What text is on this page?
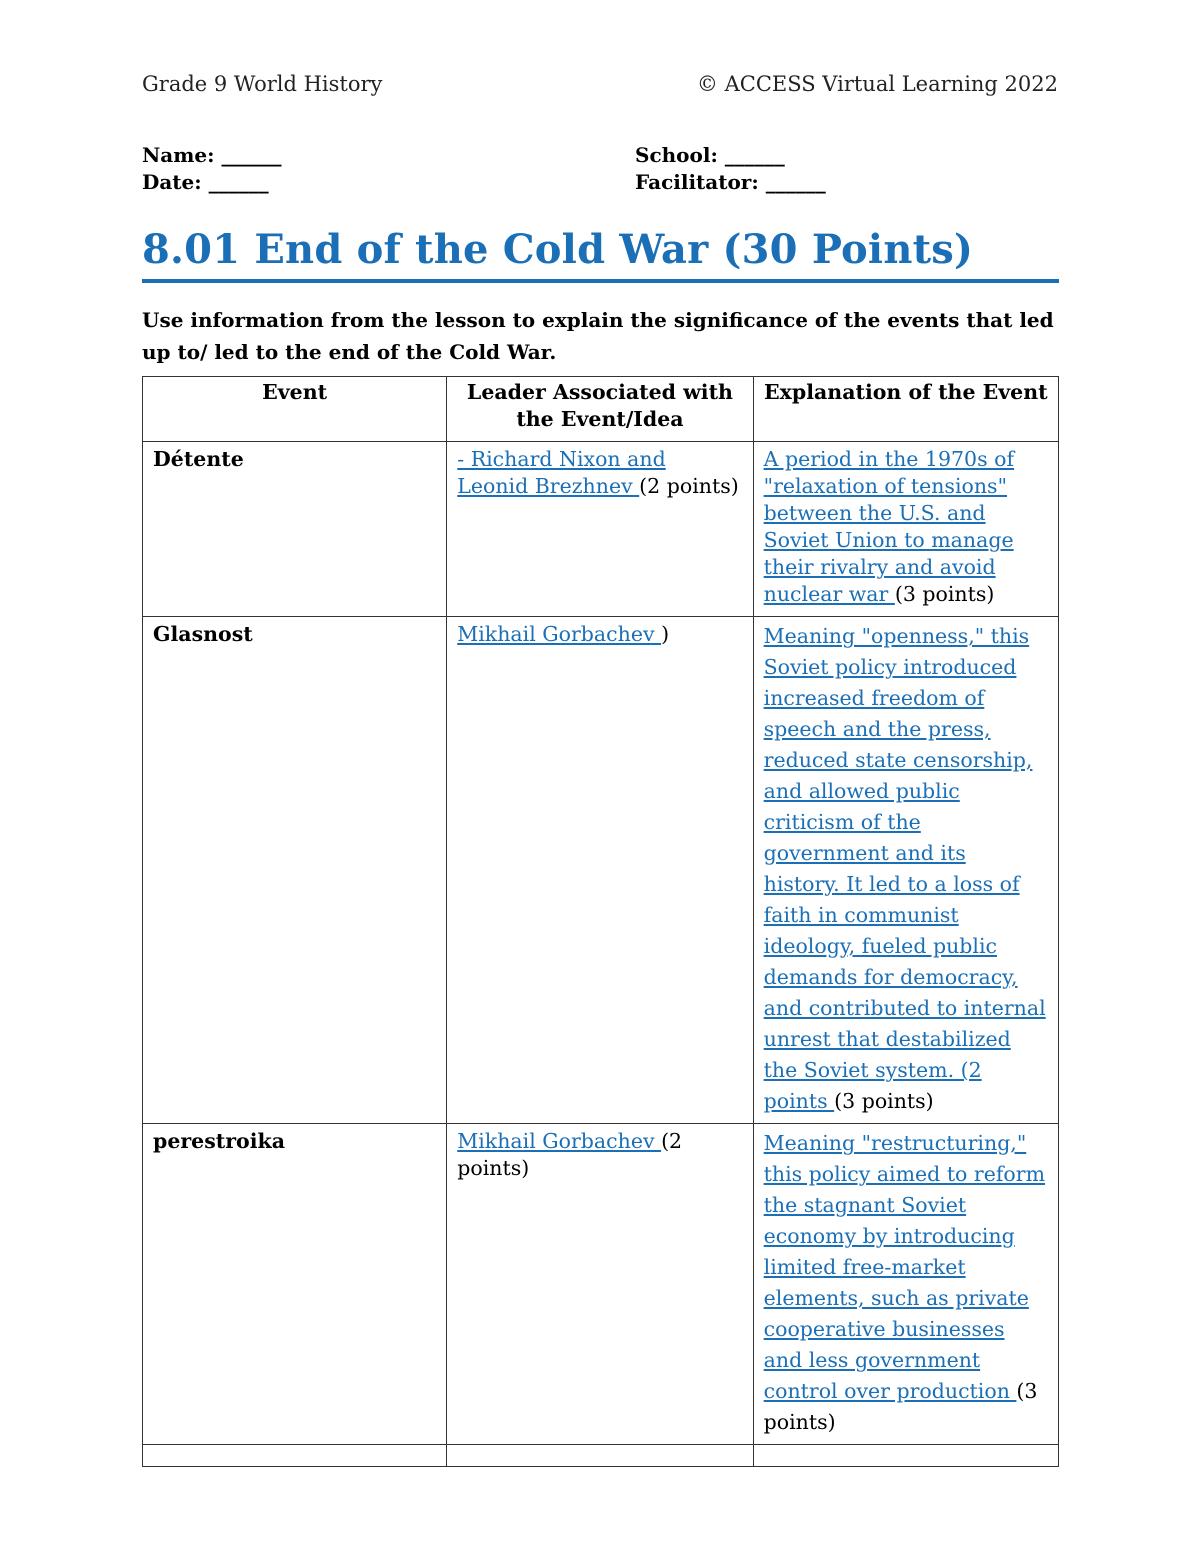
Grade 9 World History	© ACCESS Virtual Learning 2022
Name: ______
Date: ______
School: ______
Facilitator: ______
8.01 End of the Cold War (30 Points)
Use information from the lesson to explain the significance of the events that led up to/ led to the end of the Cold War.
Event	Leader Associated with the Event/Idea	Explanation of the Event
Détente	- Richard Nixon and Leonid Brezhnev (2 points)	A period in the 1970s of "relaxation of tensions" between the U.S. and Soviet Union to manage their rivalry and avoid nuclear war (3 points)
Glasnost	Mikhail Gorbachev )	Meaning "openness," this Soviet policy introduced increased freedom of speech and the press, reduced state censorship, and allowed public criticism of the government and its history. It led to a loss of faith in communist ideology, fueled public demands for democracy, and contributed to internal unrest that destabilized the Soviet system. (2 points (3 points)
perestroika	Mikhail Gorbachev (2 points)	Meaning "restructuring," this policy aimed to reform the stagnant Soviet economy by introducing limited free-market elements, such as private cooperative businesses and less government control over production (3 points)
